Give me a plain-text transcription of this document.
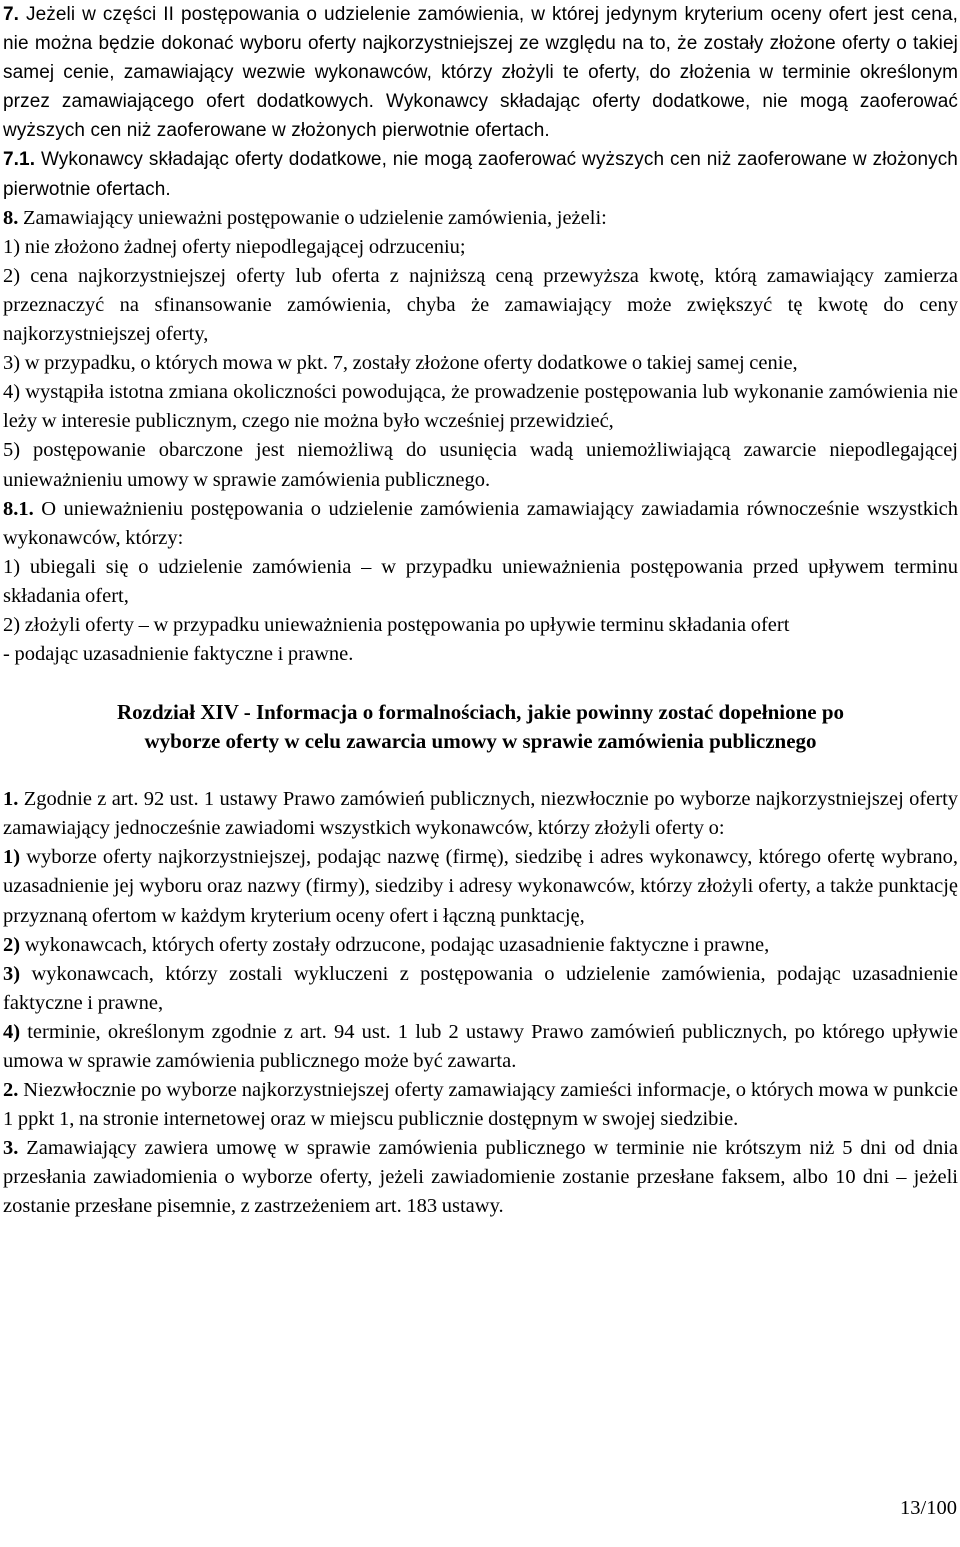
7. Jeżeli w części II postępowania o udzielenie zamówienia, w której jedynym kryterium oceny ofert jest cena, nie można będzie dokonać wyboru oferty najkorzystniejszej ze względu na to, że zostały złożone oferty o takiej samej cenie, zamawiający wezwie wykonawców, którzy złożyli te oferty, do złożenia w terminie określonym przez zamawiającego ofert dodatkowych. Wykonawcy składając oferty dodatkowe, nie mogą zaoferować wyższych cen niż zaoferowane w złożonych pierwotnie ofertach.

7.1. Wykonawcy składając oferty dodatkowe, nie mogą zaoferować wyższych cen niż zaoferowane w złożonych pierwotnie ofertach.

8. Zamawiający unieważni postępowanie o udzielenie zamówienia, jeżeli:

1) nie złożono żadnej oferty niepodlegającej odrzuceniu;

2) cena najkorzystniejszej oferty lub oferta z najniższą ceną przewyższa kwotę, którą zamawiający zamierza przeznaczyć na sfinansowanie zamówienia, chyba że zamawiający może zwiększyć tę kwotę do ceny najkorzystniejszej oferty,

3) w przypadku, o których mowa w pkt. 7, zostały złożone oferty dodatkowe o takiej samej cenie,

4) wystąpiła istotna zmiana okoliczności powodująca, że prowadzenie postępowania lub wykonanie zamówienia nie leży w interesie publicznym, czego nie można było wcześniej przewidzieć,

5) postępowanie obarczone jest niemożliwą do usunięcia wadą uniemożliwiającą zawarcie niepodlegającej unieważnieniu umowy w sprawie zamówienia publicznego.

8.1. O unieważnieniu postępowania o udzielenie zamówienia zamawiający zawiadamia równocześnie wszystkich wykonawców, którzy:

1) ubiegali się o udzielenie zamówienia – w przypadku unieważnienia postępowania przed upływem terminu składania ofert,

2) złożyli oferty – w przypadku unieważnienia postępowania po upływie terminu składania ofert

- podając uzasadnienie faktyczne i prawne.

Rozdział XIV - Informacja o formalnościach, jakie powinny zostać dopełnione po
wyborze oferty w celu zawarcia umowy w sprawie zamówienia publicznego

1. Zgodnie z art. 92 ust. 1 ustawy Prawo zamówień publicznych, niezwłocznie po wyborze najkorzystniejszej oferty zamawiający jednocześnie zawiadomi wszystkich wykonawców, którzy złożyli oferty o:

1) wyborze oferty najkorzystniejszej, podając nazwę (firmę), siedzibę i adres wykonawcy, którego ofertę wybrano, uzasadnienie jej wyboru oraz nazwy (firmy), siedziby i adresy wykonawców, którzy złożyli oferty, a także punktację przyznaną ofertom w każdym kryterium oceny ofert i łączną punktację,

2) wykonawcach, których oferty zostały odrzucone, podając uzasadnienie faktyczne i prawne,

3) wykonawcach, którzy zostali wykluczeni z postępowania o udzielenie zamówienia, podając uzasadnienie faktyczne i prawne,

4) terminie, określonym zgodnie z art. 94 ust. 1 lub 2 ustawy Prawo zamówień publicznych, po którego upływie umowa w sprawie zamówienia publicznego może być zawarta.

2. Niezwłocznie po wyborze najkorzystniejszej oferty zamawiający zamieści informacje, o których mowa w punkcie 1 ppkt 1, na stronie internetowej oraz w miejscu publicznie dostępnym w swojej siedzibie.

3. Zamawiający zawiera umowę w sprawie zamówienia publicznego w terminie nie krótszym niż 5 dni od dnia przesłania zawiadomienia o wyborze oferty, jeżeli zawiadomienie zostanie przesłane faksem, albo 10 dni – jeżeli zostanie przesłane pisemnie, z zastrzeżeniem art. 183 ustawy.

13/100
